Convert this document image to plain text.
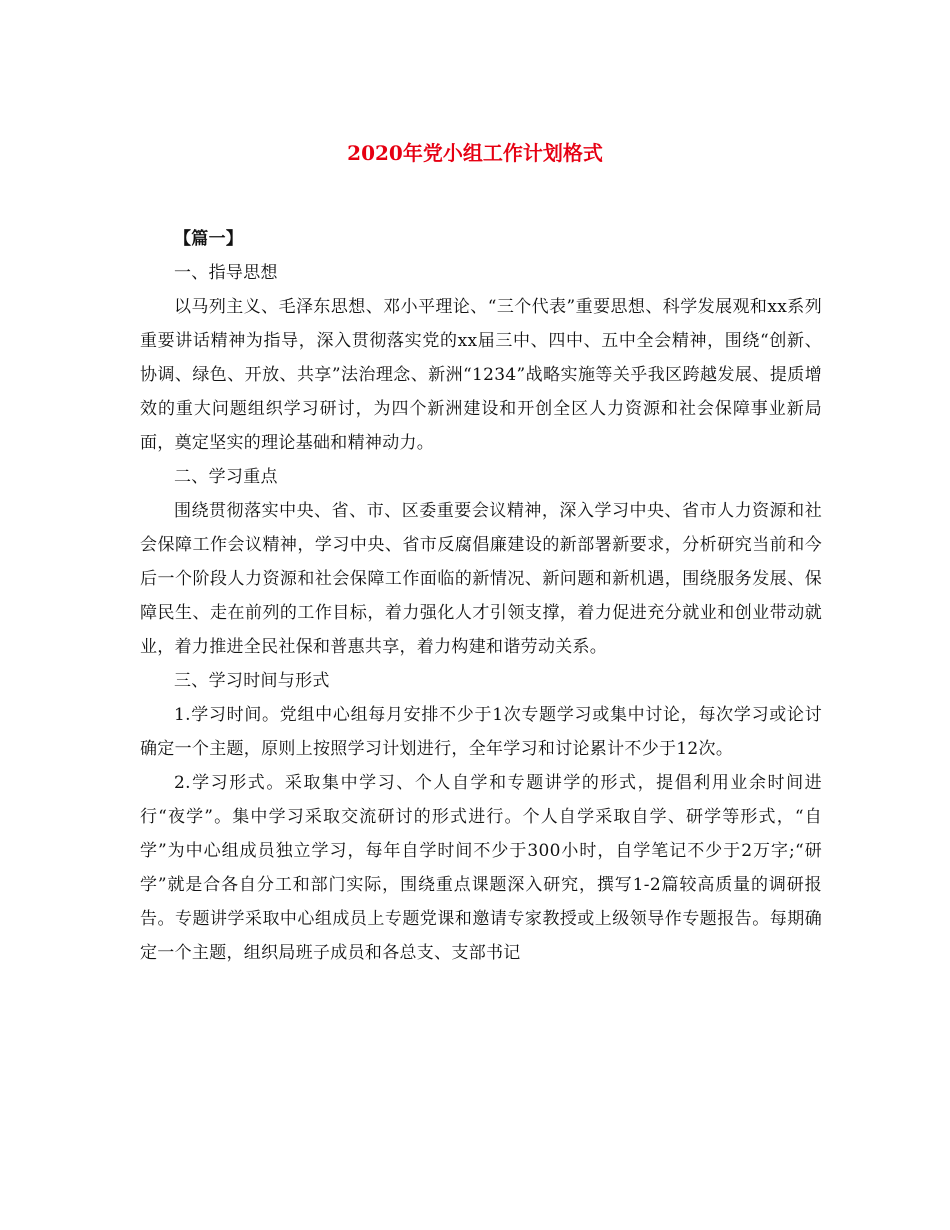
2020年党小组工作计划格式

【篇一】

一、指导思想

以马列主义、毛泽东思想、邓小平理论、“三个代表”重要思想、科学发展观和xx系列重要讲话精神为指导，深入贯彻落实党的xx届三中、四中、五中全会精神，围绕“创新、协调、绿色、开放、共享”法治理念、新洲“1234”战略实施等关乎我区跨越发展、提质增效的重大问题组织学习研讨，为四个新洲建设和开创全区人力资源和社会保障事业新局面，奠定坚实的理论基础和精神动力。

二、学习重点

围绕贯彻落实中央、省、市、区委重要会议精神，深入学习中央、省市人力资源和社会保障工作会议精神，学习中央、省市反腐倡廉建设的新部署新要求，分析研究当前和今后一个阶段人力资源和社会保障工作面临的新情况、新问题和新机遇，围绕服务发展、保障民生、走在前列的工作目标，着力强化人才引领支撑，着力促进充分就业和创业带动就业，着力推进全民社保和普惠共享，着力构建和谐劳动关系。

三、学习时间与形式

1.学习时间。党组中心组每月安排不少于1次专题学习或集中讨论，每次学习或论讨确定一个主题，原则上按照学习计划进行，全年学习和讨论累计不少于12次。

2.学习形式。采取集中学习、个人自学和专题讲学的形式，提倡利用业余时间进行“夜学”。集中学习采取交流研讨的形式进行。个人自学采取自学、研学等形式，“自学”为中心组成员独立学习，每年自学时间不少于300小时，自学笔记不少于2万字;“研学”就是合各自分工和部门实际，围绕重点课题深入研究，撰写1-2篇较高质量的调研报告。专题讲学采取中心组成员上专题党课和邀请专家教授或上级领导作专题报告。每期确定一个主题，组织局班子成员和各总支、支部书记
